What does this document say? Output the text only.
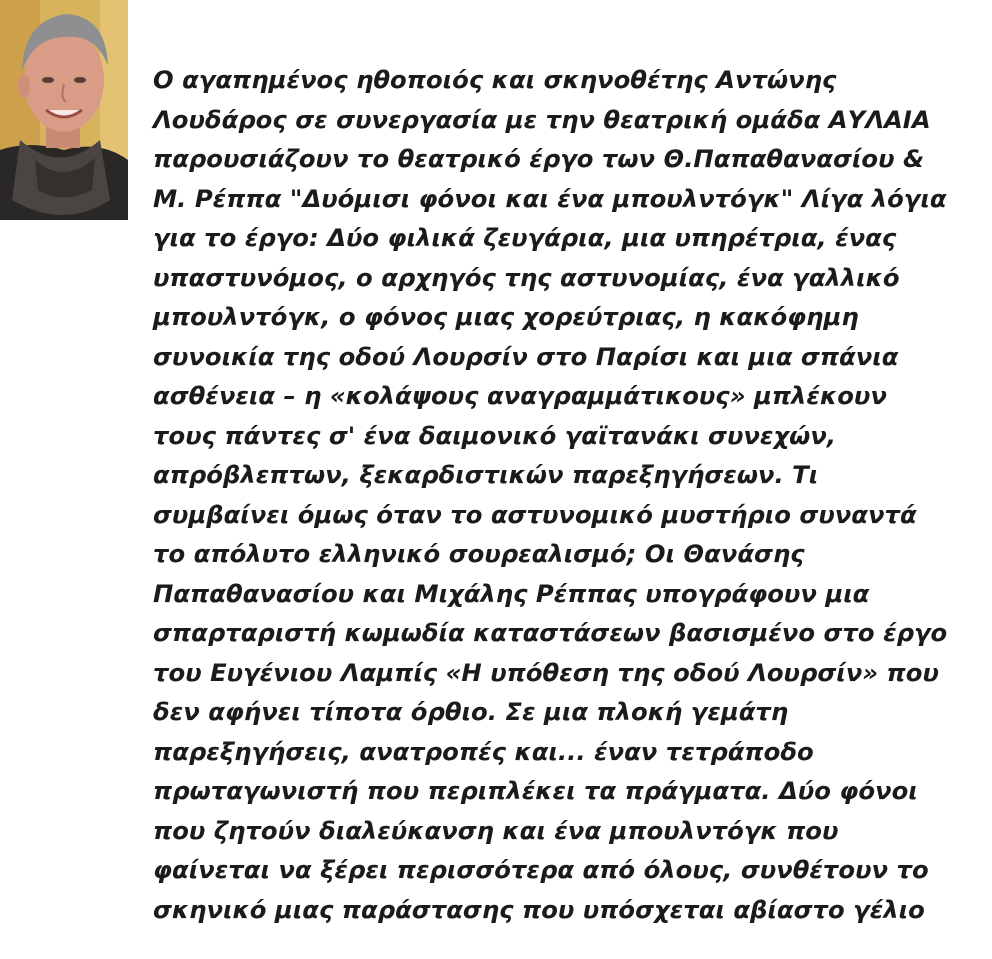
Ο αγαπημένος ηθοποιός και σκηνοθέτης Αντώνης
Λουδάρος σε συνεργασία με την θεατρική ομάδα ΑΥΛΑΙΑ
παρουσιάζουν το θεατρικό έργο των Θ.Παπαθανασίου &
Μ. Ρέππα "Δυόμισι φόνοι και ένα μπουλντόγκ" Λίγα λόγια
για το έργο: Δύο φιλικά ζευγάρια, μια υπηρέτρια, ένας
υπαστυνόμος, ο αρχηγός της αστυνομίας, ένα γαλλικό
μπουλντόγκ, ο φόνος μιας χορεύτριας, η κακόφημη
συνοικία της οδού Λουρσίν στο Παρίσι και μια σπάνια
ασθένεια – η «κολάψους αναγραμμάτικους» μπλέκουν
τους πάντες σ' ένα δαιμονικό γαϊτανάκι συνεχών,
απρόβλεπτων, ξεκαρδιστικών παρεξηγήσεων. Τι
συμβαίνει όμως όταν το αστυνομικό μυστήριο συναντά
το απόλυτο ελληνικό σουρεαλισμό; Οι Θανάσης
Παπαθανασίου και Μιχάλης Ρέππας υπογράφουν μια
σπαρταριστή κωμωδία καταστάσεων βασισμένο στο έργο
του Ευγένιου Λαμπίς «Η υπόθεση της οδού Λουρσίν» που
δεν αφήνει τίποτα όρθιο. Σε μια πλοκή γεμάτη
παρεξηγήσεις, ανατροπές και... έναν τετράποδο
πρωταγωνιστή που περιπλέκει τα πράγματα. Δύο φόνοι
που ζητούν διαλεύκανση και ένα μπουλντόγκ που
φαίνεται να ξέρει περισσότερα από όλους, συνθέτουν το
σκηνικό μιας παράστασης που υπόσχεται αβίαστο γέλιο
